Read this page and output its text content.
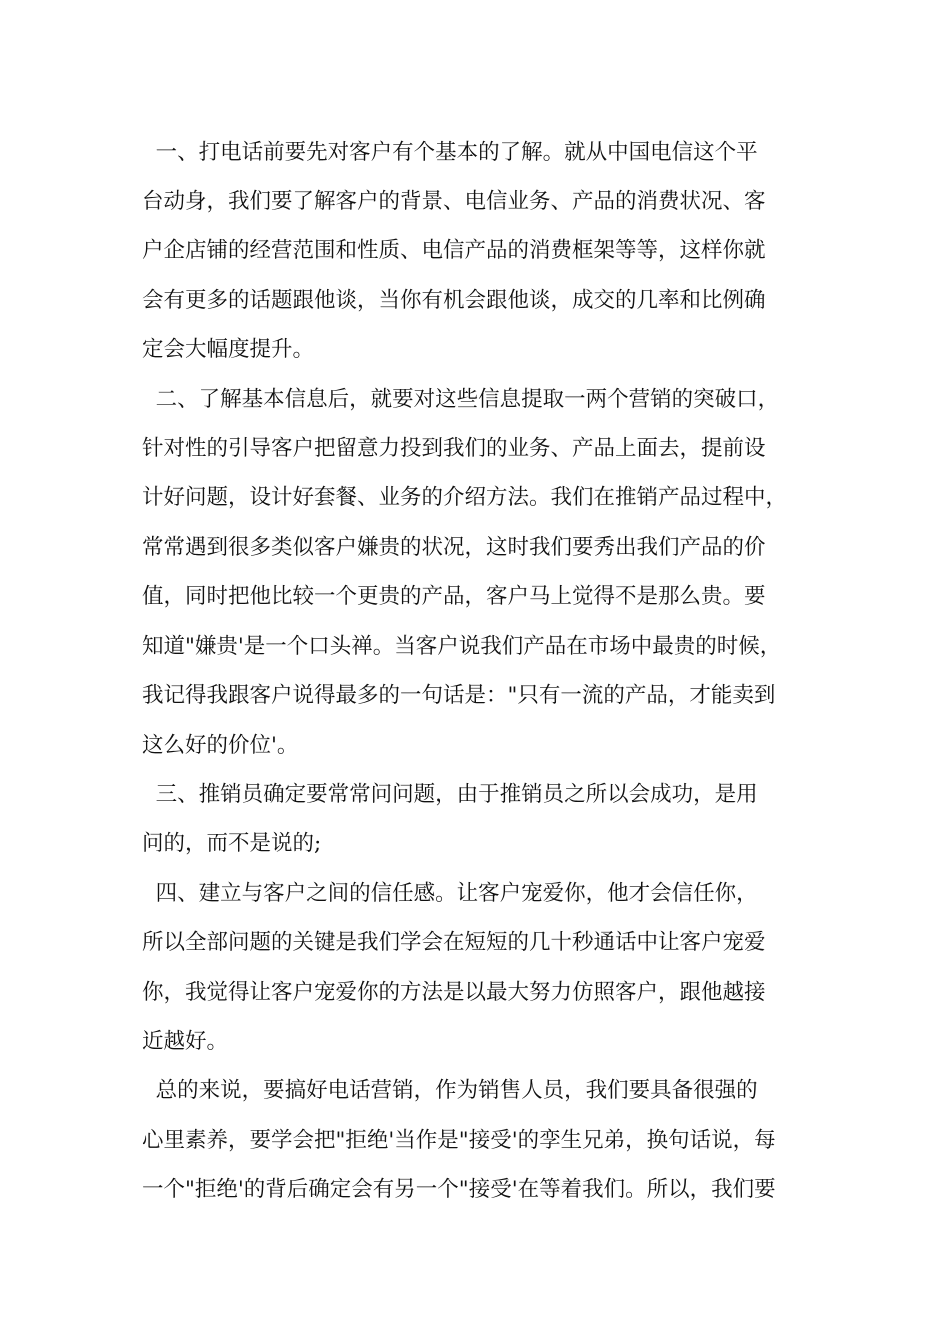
一、打电话前要先对客户有个基本的了解。就从中国电信这个平
台动身，我们要了解客户的背景、电信业务、产品的消费状况、客
户企店铺的经营范围和性质、电信产品的消费框架等等，这样你就
会有更多的话题跟他谈，当你有机会跟他谈，成交的几率和比例确
定会大幅度提升。
二、了解基本信息后，就要对这些信息提取一两个营销的突破口，
针对性的引导客户把留意力投到我们的业务、产品上面去，提前设
计好问题，设计好套餐、业务的介绍方法。我们在推销产品过程中，
常常遇到很多类似客户嫌贵的状况，这时我们要秀出我们产品的价
值，同时把他比较一个更贵的产品，客户马上觉得不是那么贵。要
知道"嫌贵'是一个口头禅。当客户说我们产品在市场中最贵的时候，
我记得我跟客户说得最多的一句话是："只有一流的产品，才能卖到
这么好的价位'。
三、推销员确定要常常问问题，由于推销员之所以会成功，是用
问的，而不是说的;
四、建立与客户之间的信任感。让客户宠爱你，他才会信任你，
所以全部问题的关键是我们学会在短短的几十秒通话中让客户宠爱
你，我觉得让客户宠爱你的方法是以最大努力仿照客户，跟他越接
近越好。
总的来说，要搞好电话营销，作为销售人员，我们要具备很强的
心里素养，要学会把"拒绝'当作是"接受'的孪生兄弟，换句话说，每
一个"拒绝'的背后确定会有另一个"接受'在等着我们。所以，我们要
